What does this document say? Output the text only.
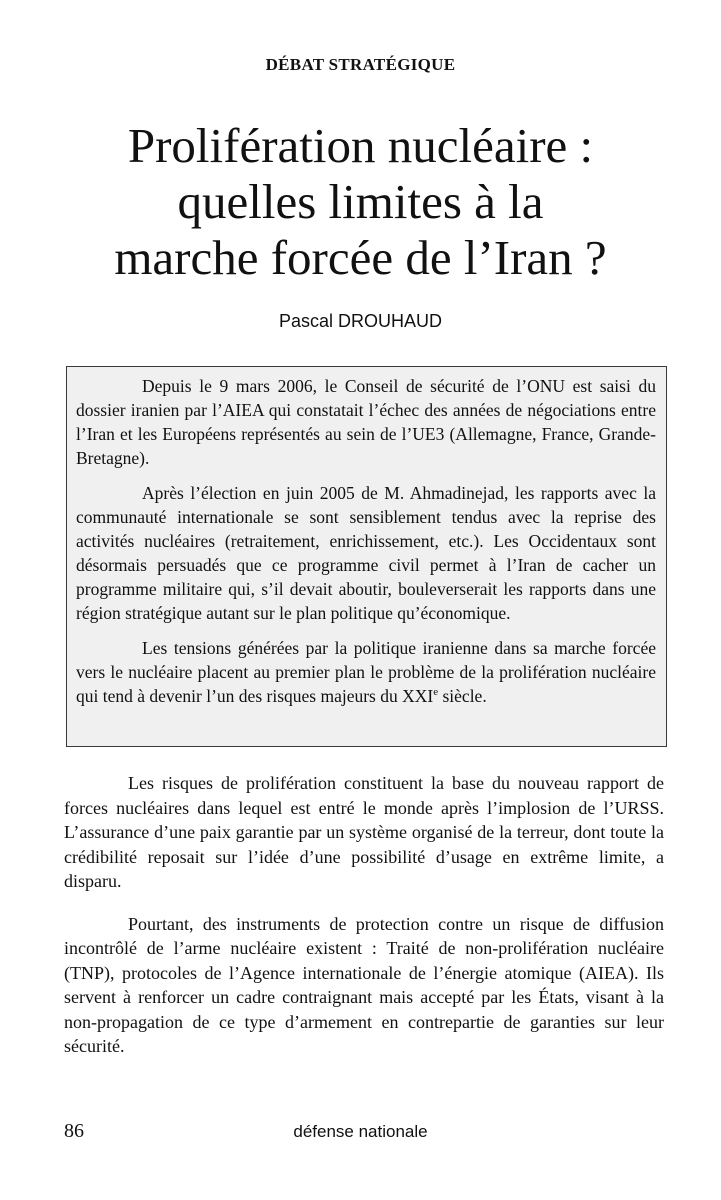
DÉBAT STRATÉGIQUE
Prolifération nucléaire :
quelles limites à la
marche forcée de l’Iran ?
Pascal DROUHAUD

Depuis le 9 mars 2006, le Conseil de sécurité de l’ONU est saisi du dossier iranien par l’AIEA qui constatait l’échec des années de négociations entre l’Iran et les Européens représentés au sein de l’UE3 (Allemagne, France, Grande-Bretagne).

Après l’élection en juin 2005 de M. Ahmadinejad, les rapports avec la communauté internationale se sont sensiblement tendus avec la reprise des activités nucléaires (retraitement, enrichissement, etc.). Les Occidentaux sont désormais persuadés que ce programme civil permet à l’Iran de cacher un programme militaire qui, s’il devait aboutir, bouleverserait les rapports dans une région stratégique autant sur le plan politique qu’économique.

Les tensions générées par la politique iranienne dans sa marche forcée vers le nucléaire placent au premier plan le problème de la prolifération nucléaire qui tend à devenir l’un des risques majeurs du XXIe siècle.

Les risques de prolifération constituent la base du nouveau rapport de forces nucléaires dans lequel est entré le monde après l’implosion de l’URSS. L’assurance d’une paix garantie par un système organisé de la terreur, dont toute la crédibilité reposait sur l’idée d’une possibilité d’usage en extrême limite, a disparu.

Pourtant, des instruments de protection contre un risque de diffusion incontrôlé de l’arme nucléaire existent : Traité de non-prolifération nucléaire (TNP), protocoles de l’Agence internationale de l’énergie atomique (AIEA). Ils servent à renforcer un cadre contraignant mais accepté par les États, visant à la non-propagation de ce type d’armement en contrepartie de garanties sur leur sécurité.

86	défense nationale
